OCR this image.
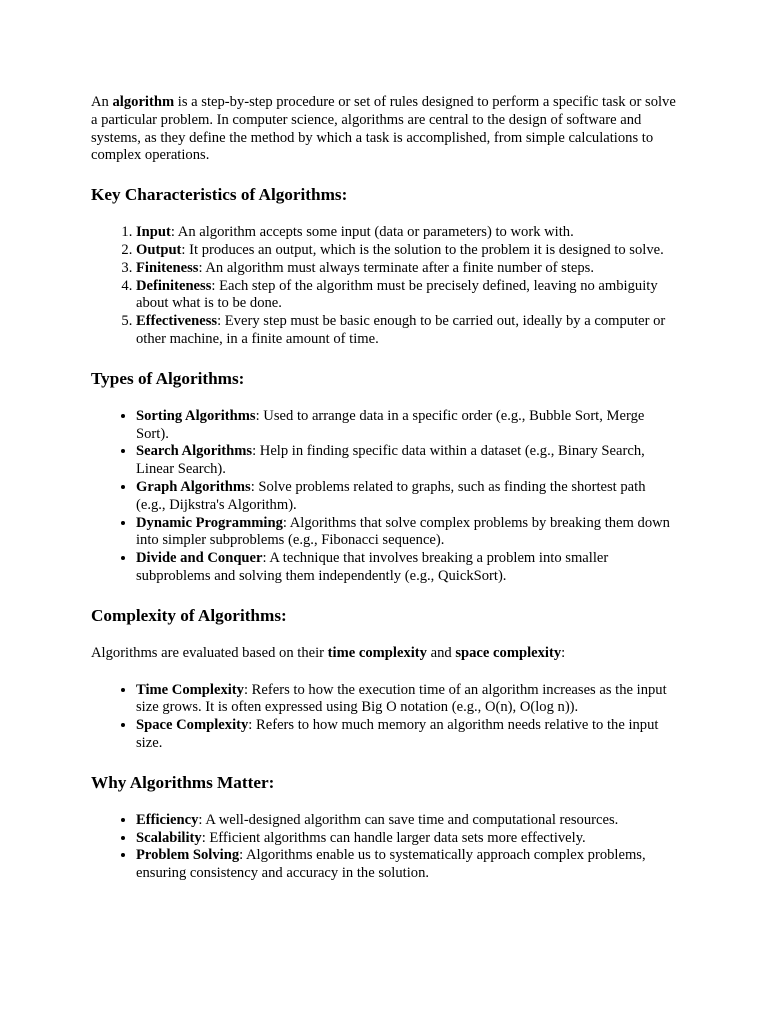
An algorithm is a step-by-step procedure or set of rules designed to perform a specific task or solve a particular problem. In computer science, algorithms are central to the design of software and systems, as they define the method by which a task is accomplished, from simple calculations to complex operations.

Key Characteristics of Algorithms:
1. Input: An algorithm accepts some input (data or parameters) to work with.
2. Output: It produces an output, which is the solution to the problem it is designed to solve.
3. Finiteness: An algorithm must always terminate after a finite number of steps.
4. Definiteness: Each step of the algorithm must be precisely defined, leaving no ambiguity about what is to be done.
5. Effectiveness: Every step must be basic enough to be carried out, ideally by a computer or other machine, in a finite amount of time.
Types of Algorithms:
• Sorting Algorithms: Used to arrange data in a specific order (e.g., Bubble Sort, Merge Sort).
• Search Algorithms: Help in finding specific data within a dataset (e.g., Binary Search, Linear Search).
• Graph Algorithms: Solve problems related to graphs, such as finding the shortest path (e.g., Dijkstra's Algorithm).
• Dynamic Programming: Algorithms that solve complex problems by breaking them down into simpler subproblems (e.g., Fibonacci sequence).
• Divide and Conquer: A technique that involves breaking a problem into smaller subproblems and solving them independently (e.g., QuickSort).
Complexity of Algorithms:

Algorithms are evaluated based on their time complexity and space complexity:

• Time Complexity: Refers to how the execution time of an algorithm increases as the input size grows. It is often expressed using Big O notation (e.g., O(n), O(log n)).
• Space Complexity: Refers to how much memory an algorithm needs relative to the input size.
Why Algorithms Matter:
• Efficiency: A well-designed algorithm can save time and computational resources.
• Scalability: Efficient algorithms can handle larger data sets more effectively.
• Problem Solving: Algorithms enable us to systematically approach complex problems, ensuring consistency and accuracy in the solution.
